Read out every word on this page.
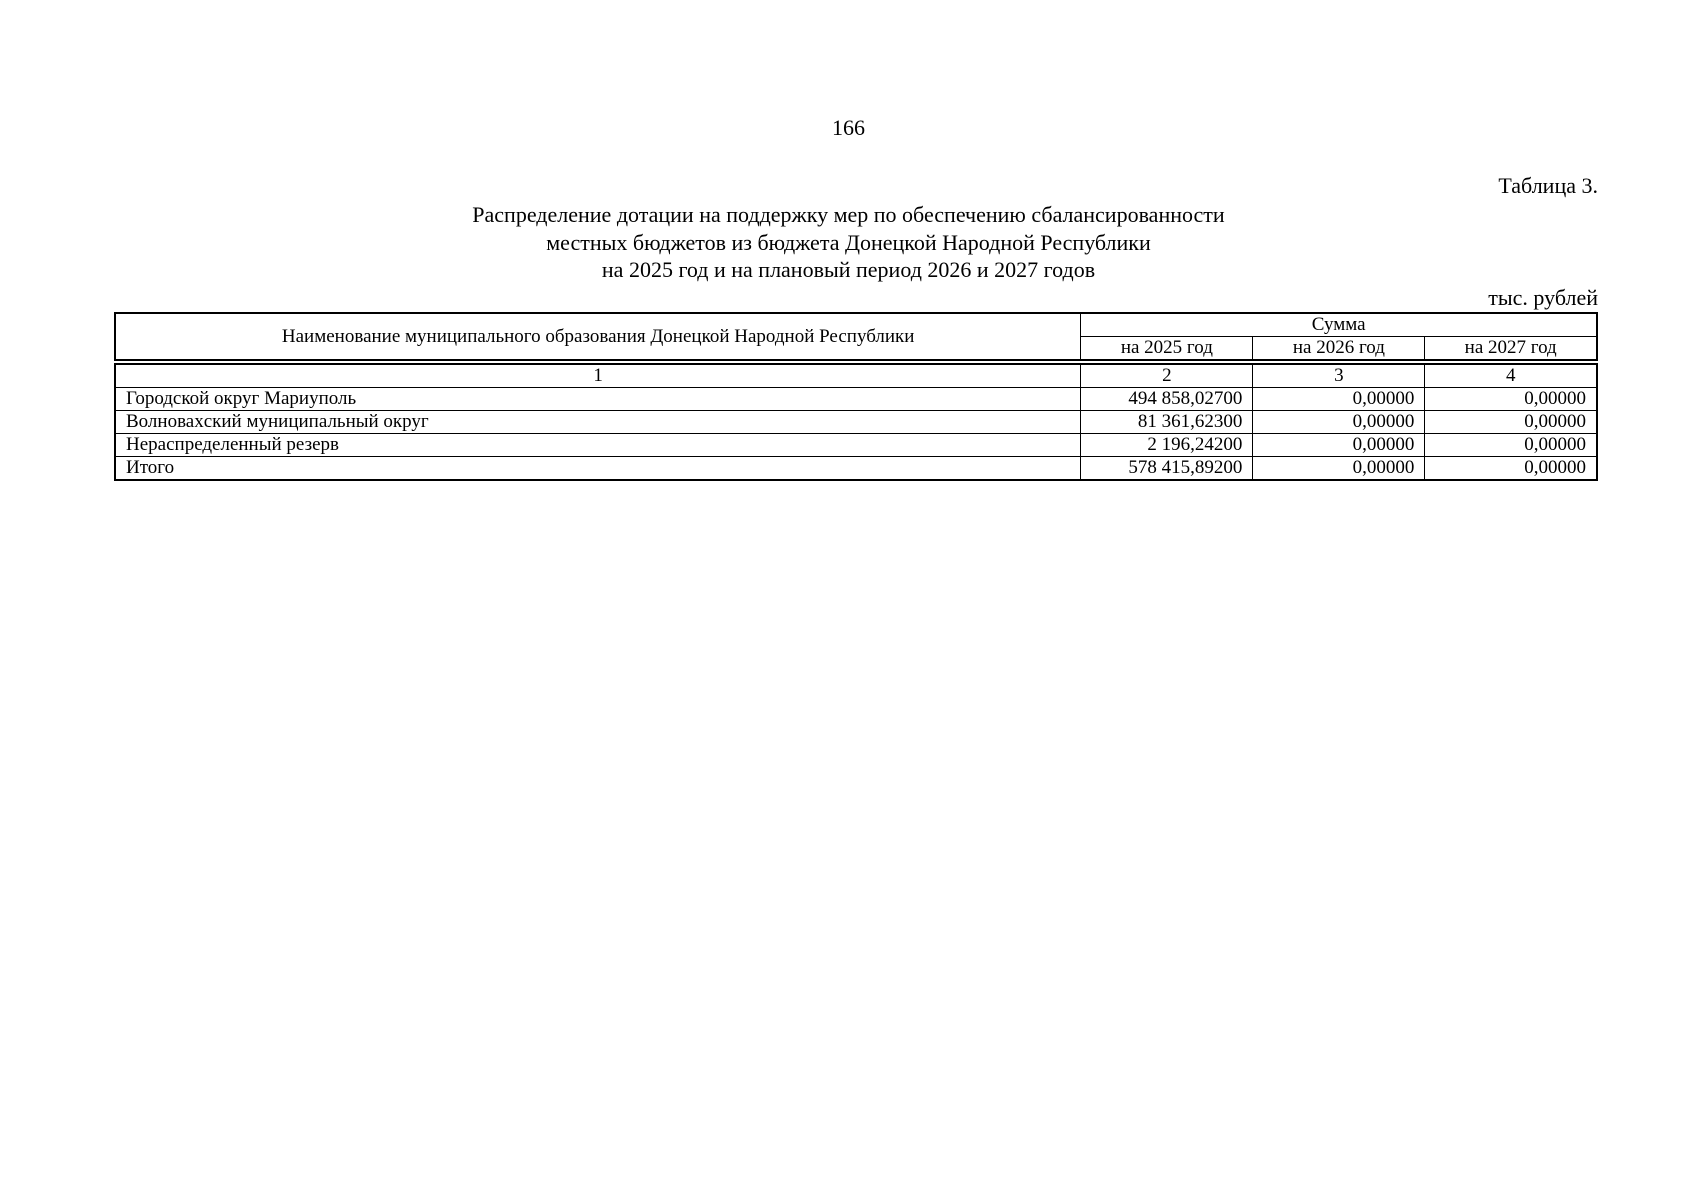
166
Таблица 3.
Распределение дотации на поддержку мер по обеспечению сбалансированности
местных бюджетов из бюджета Донецкой Народной Республики
на 2025 год и на плановый период 2026 и 2027 годов
тыс. рублей
Наименование муниципального образования Донецкой Народной Республики	Сумма		
	на 2025 год	на 2026 год	на 2027 год
1	2	3	4
Городской округ Мариуполь	494 858,02700	0,00000	0,00000
Волноваxский муниципальный округ	81 361,62300	0,00000	0,00000
Нераспределенный резерв	2 196,24200	0,00000	0,00000
Итого	578 415,89200	0,00000	0,00000
